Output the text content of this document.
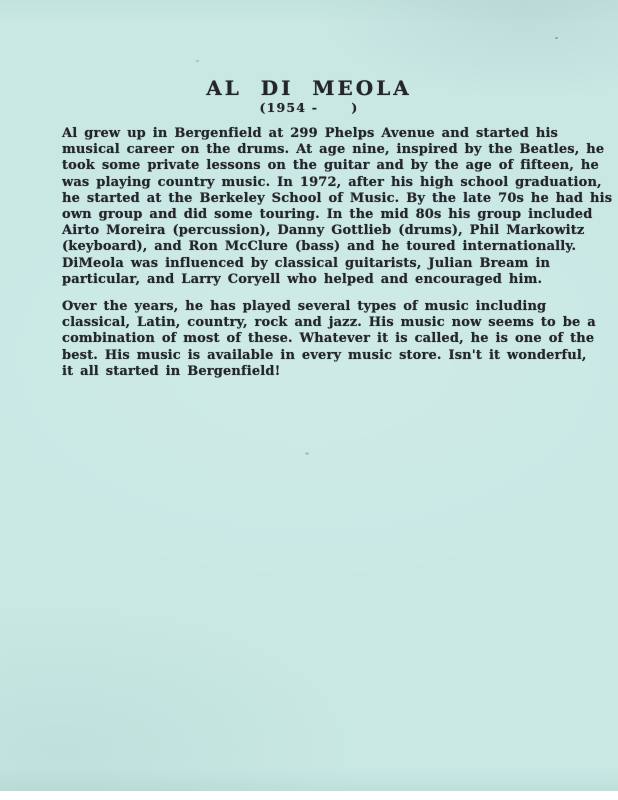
AL DI MEOLA
(1954 -      )
Al grew up in Bergenfield at 299 Phelps Avenue and started his
musical career on the drums. At age nine, inspired by the Beatles, he
took some private lessons on the guitar and by the age of fifteen, he
was playing country music. In 1972, after his high school graduation,
he started at the Berkeley School of Music. By the late 70s he had his
own group and did some touring. In the mid 80s his group included
Airto Moreira (percussion), Danny Gottlieb (drums), Phil Markowitz
(keyboard), and Ron McClure (bass) and he toured internationally.
DiMeola was influenced by classical guitarists, Julian Bream in
particular, and Larry Coryell who helped and encouraged him.
Over the years, he has played several types of music including
classical, Latin, country, rock and jazz. His music now seems to be a
combination of most of these. Whatever it is called, he is one of the
best. His music is available in every music store. Isn't it wonderful,
it all started in Bergenfield!
